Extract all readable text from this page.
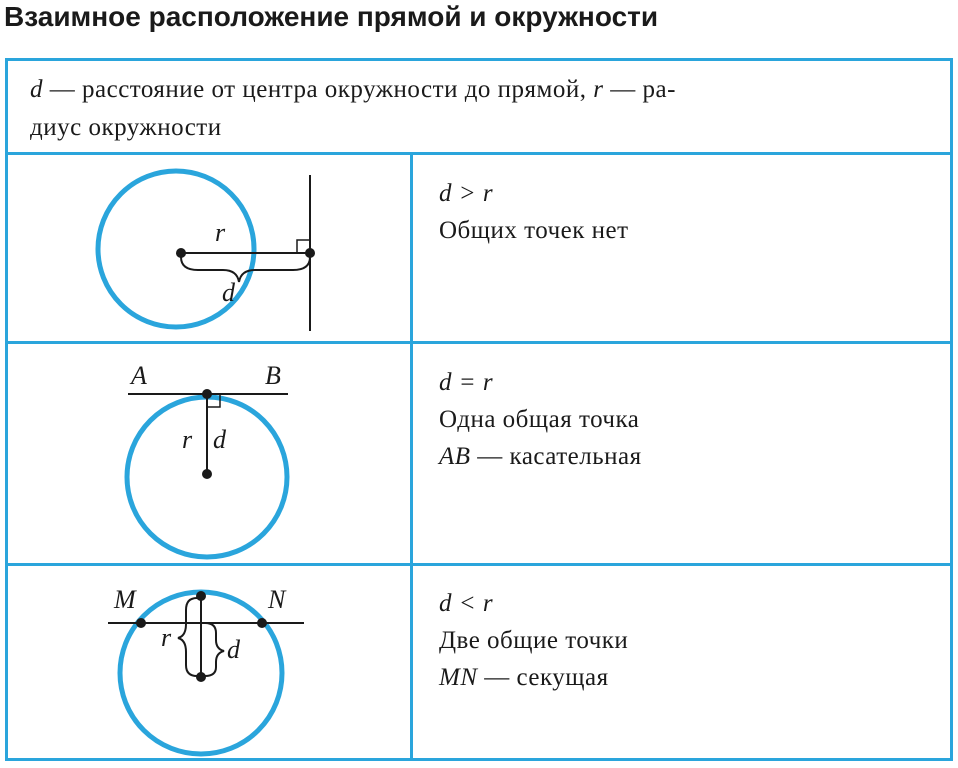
Взаимное расположение прямой и окружности
d — расстояние от центра окружности до прямой, r — ра-
диус окружности
r
d
d > r
Общих точек нет
A	B
r d
d = r
Одна общая точка
AB — касательная
M	N
r d
d < r
Две общие точки
MN — секущая
